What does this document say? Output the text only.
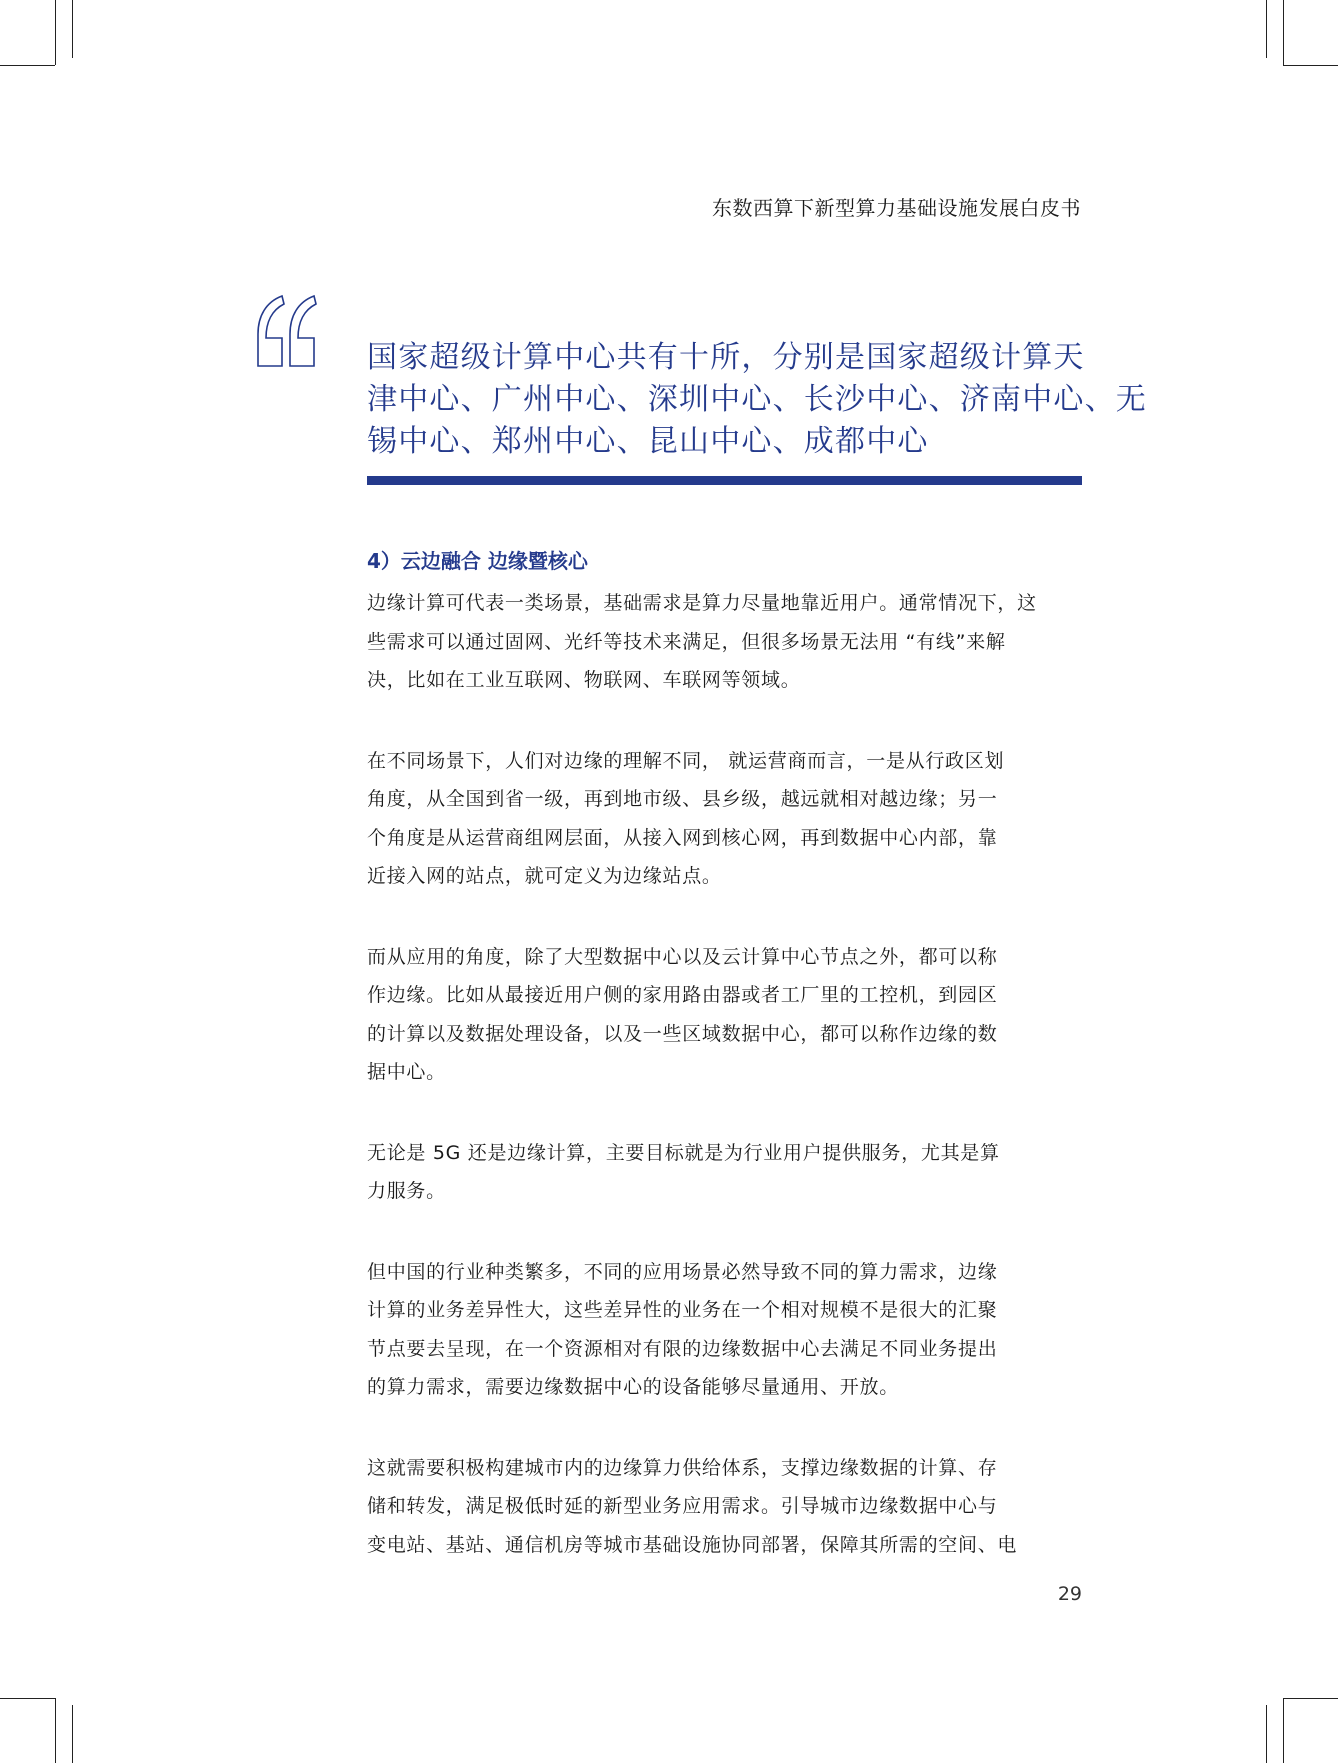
东数西算下新型算力基础设施发展白皮书
国家超级计算中心共有十所，分别是国家超级计算天
津中心、广州中心、深圳中心、长沙中心、济南中心、无
锡中心、郑州中心、昆山中心、成都中心
4）云边融合 边缘暨核心
边缘计算可代表一类场景，基础需求是算力尽量地靠近用户。通常情况下，这
些需求可以通过固网、光纤等技术来满足，但很多场景无法用 “有线”来解
决，比如在工业互联网、物联网、车联网等领域。
在不同场景下，人们对边缘的理解不同， 就运营商而言，一是从行政区划
角度，从全国到省一级，再到地市级、县乡级，越远就相对越边缘；另一
个角度是从运营商组网层面，从接入网到核心网，再到数据中心内部，靠
近接入网的站点，就可定义为边缘站点。
而从应用的角度，除了大型数据中心以及云计算中心节点之外，都可以称
作边缘。比如从最接近用户侧的家用路由器或者工厂里的工控机，到园区
的计算以及数据处理设备，以及一些区域数据中心，都可以称作边缘的数
据中心。
无论是 5G 还是边缘计算，主要目标就是为行业用户提供服务，尤其是算
力服务。
但中国的行业种类繁多，不同的应用场景必然导致不同的算力需求，边缘
计算的业务差异性大，这些差异性的业务在一个相对规模不是很大的汇聚
节点要去呈现，在一个资源相对有限的边缘数据中心去满足不同业务提出
的算力需求，需要边缘数据中心的设备能够尽量通用、开放。
这就需要积极构建城市内的边缘算力供给体系，支撑边缘数据的计算、存
储和转发，满足极低时延的新型业务应用需求。引导城市边缘数据中心与
变电站、基站、通信机房等城市基础设施协同部署，保障其所需的空间、电
29
